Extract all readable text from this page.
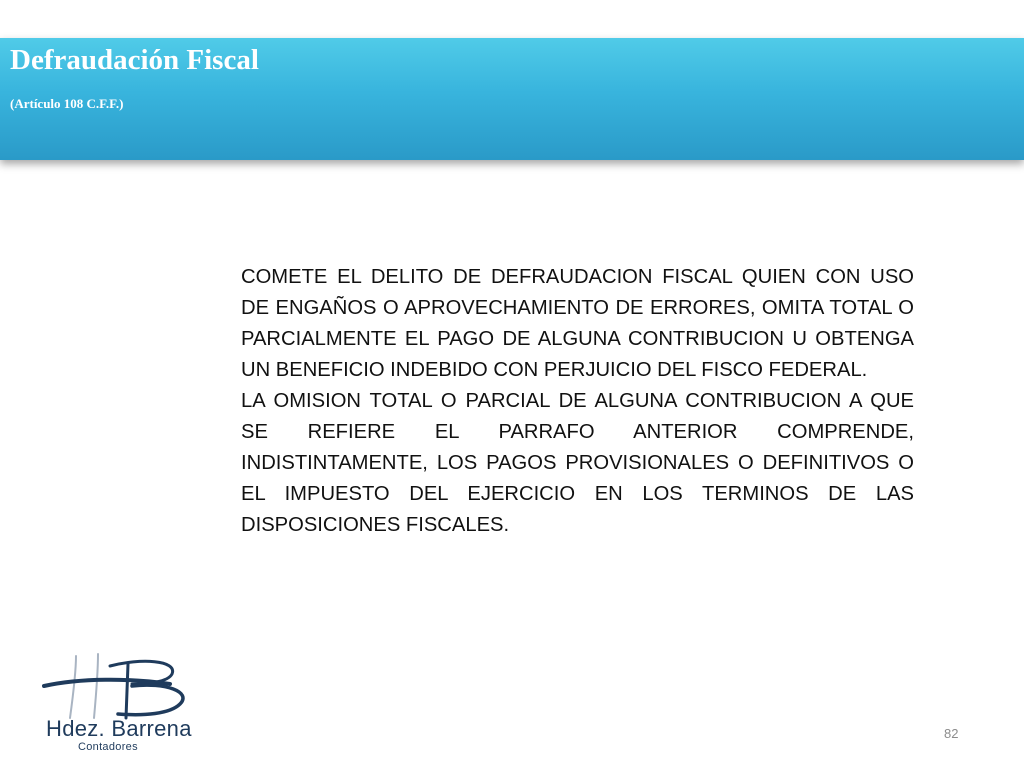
Defraudación Fiscal
(Artículo 108 C.F.F.)

COMETE EL DELITO DE DEFRAUDACION FISCAL QUIEN CON USO DE ENGAÑOS O APROVECHAMIENTO DE ERRORES, OMITA TOTAL O PARCIALMENTE EL PAGO DE ALGUNA CONTRIBUCION U OBTENGA UN BENEFICIO INDEBIDO CON PERJUICIO DEL FISCO FEDERAL.

LA OMISION TOTAL O PARCIAL DE ALGUNA CONTRIBUCION A QUE SE REFIERE EL PARRAFO ANTERIOR COMPRENDE, INDISTINTAMENTE, LOS PAGOS PROVISIONALES O DEFINITIVOS O EL IMPUESTO DEL EJERCICIO EN LOS TERMINOS DE LAS DISPOSICIONES FISCALES.

Hdez. Barrena
Contadores
82
